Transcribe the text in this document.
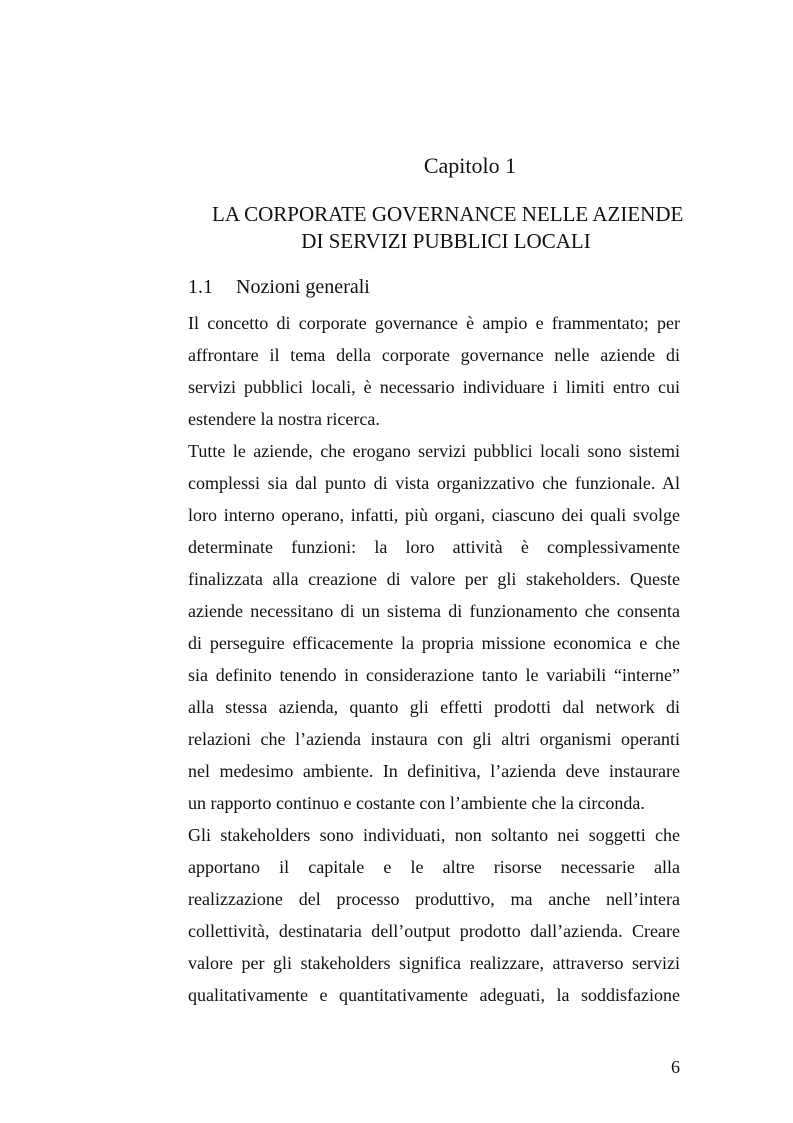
Capitolo 1
LA CORPORATE GOVERNANCE NELLE AZIENDE
DI SERVIZI PUBBLICI LOCALI
1.1 Nozioni generali
Il concetto di corporate governance è ampio e frammentato; per
affrontare il tema della corporate governance nelle aziende di
servizi pubblici locali, è necessario individuare i limiti entro cui
estendere la nostra ricerca.
Tutte le aziende, che erogano servizi pubblici locali sono sistemi
complessi sia dal punto di vista organizzativo che funzionale. Al
loro interno operano, infatti, più organi, ciascuno dei quali svolge
determinate funzioni: la loro attività è complessivamente
finalizzata alla creazione di valore per gli stakeholders. Queste
aziende necessitano di un sistema di funzionamento che consenta
di perseguire efficacemente la propria missione economica e che
sia definito tenendo in considerazione tanto le variabili “interne”
alla stessa azienda, quanto gli effetti prodotti dal network di
relazioni che l’azienda instaura con gli altri organismi operanti
nel medesimo ambiente. In definitiva, l’azienda deve instaurare
un rapporto continuo e costante con l’ambiente che la circonda.
Gli stakeholders sono individuati, non soltanto nei soggetti che
apportano il capitale e le altre risorse necessarie alla
realizzazione del processo produttivo, ma anche nell’intera
collettività, destinataria dell’output prodotto dall’azienda. Creare
valore per gli stakeholders significa realizzare, attraverso servizi
qualitativamente e quantitativamente adeguati, la soddisfazione
6
